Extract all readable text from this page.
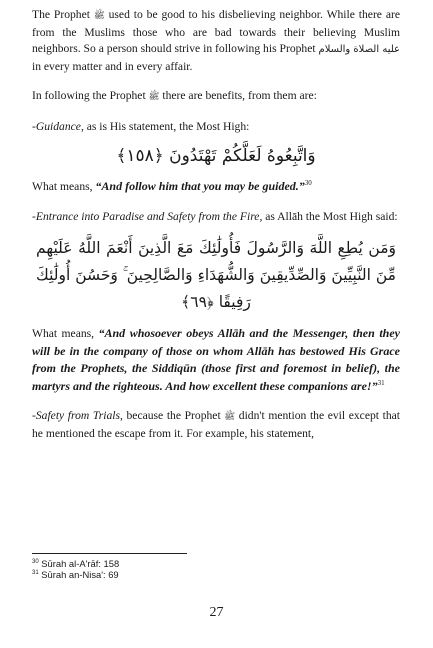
The Prophet ﷺ used to be good to his disbelieving neighbor. While there are from the Muslims those who are bad towards their believing Muslim neighbors. So a person should strive in following his Prophet عليه الصلاة والسلام in every matter and in every affair.

In following the Prophet ﷺ there are benefits, from them are:

-Guidance, as is His statement, the Most High:

وَاتَّبِعُوهُ لَعَلَّكُمْ تَهْتَدُونَ ﴿١٥٨﴾

What means, “And follow him that you may be guided.”$^{30}$

-Entrance into Paradise and Safety from the Fire, as Allāh the Most High said:

وَمَن يُطِعِ اللَّهَ وَالرَّسُولَ فَأُولَٰئِكَ مَعَ الَّذِينَ أَنْعَمَ اللَّهُ عَلَيْهِم مِّنَ النَّبِيِّينَ وَالصِّدِّيقِينَ وَالشُّهَدَاءِ وَالصَّالِحِينَ ۚ وَحَسُنَ أُولَٰئِكَ رَفِيقًا ﴿٦٩﴾

What means, “And whosoever obeys Allāh and the Messenger, then they will be in the company of those on whom Allāh has bestowed His Grace from the Prophets, the Siddiqūn (those first and foremost in belief), the martyrs and the righteous. And how excellent these companions are!”$^{31}$

-Safety from Trials, because the Prophet ﷺ didn't mention the evil except that he mentioned the escape from it. For example, his statement,

$^{30}$ Sūrah al-A'rāf: 158
$^{31}$ Sūrah an-Nisa': 69
27
